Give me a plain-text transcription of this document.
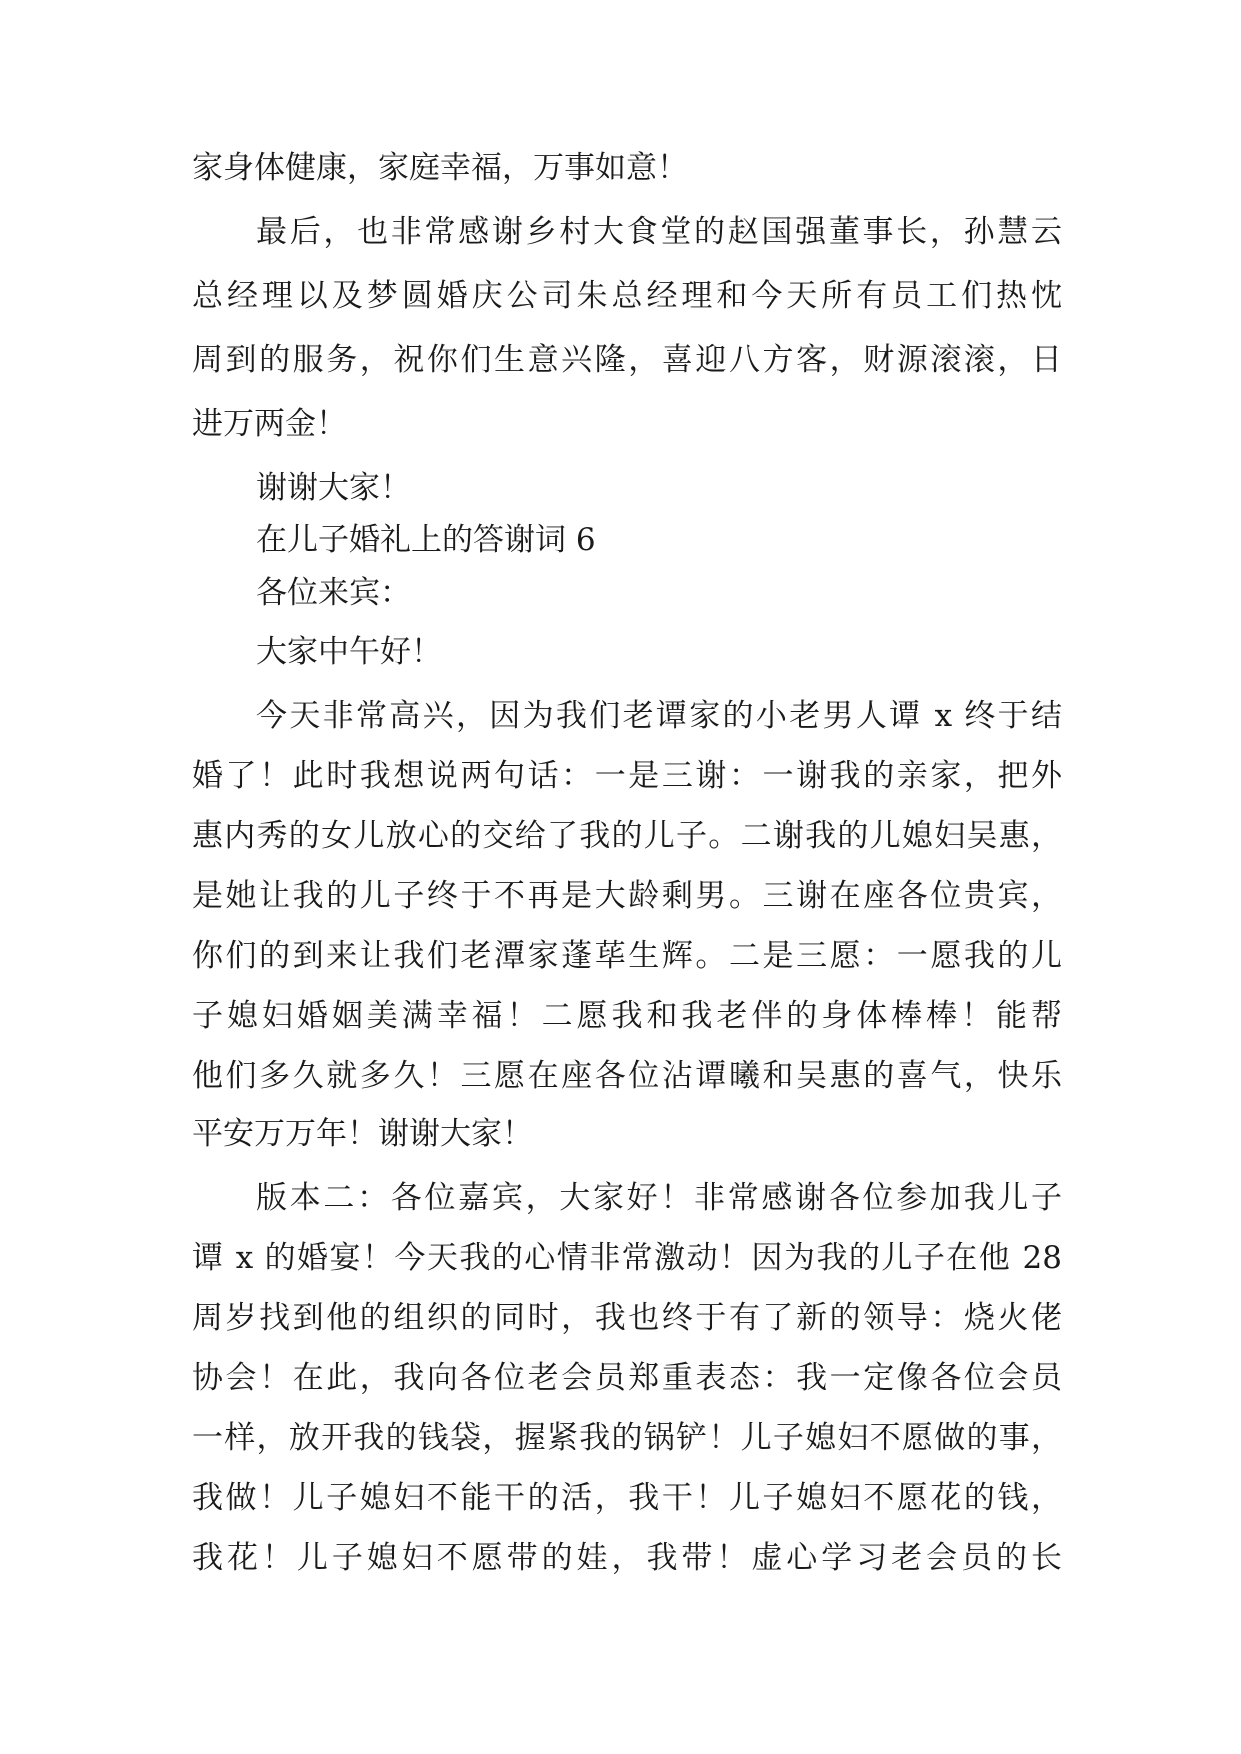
家身体健康，家庭幸福，万事如意！
最后，也非常感谢乡村大食堂的赵国强董事长，孙慧云
总经理以及梦圆婚庆公司朱总经理和今天所有员工们热忱
周到的服务，祝你们生意兴隆，喜迎八方客，财源滚滚，日
进万两金！
谢谢大家！
在儿子婚礼上的答谢词 6
各位来宾：
大家中午好！
今天非常高兴，因为我们老谭家的小老男人谭 x 终于结
婚了！此时我想说两句话：一是三谢：一谢我的亲家，把外
惠内秀的女儿放心的交给了我的儿子。二谢我的儿媳妇吴惠，
是她让我的儿子终于不再是大龄剩男。三谢在座各位贵宾，
你们的到来让我们老潭家蓬荜生辉。二是三愿：一愿我的儿
子媳妇婚姻美满幸福！二愿我和我老伴的身体棒棒！能帮
他们多久就多久！三愿在座各位沾谭曦和吴惠的喜气，快乐
平安万万年！谢谢大家！
版本二：各位嘉宾，大家好！非常感谢各位参加我儿子
谭 x 的婚宴！今天我的心情非常激动！因为我的儿子在他 28
周岁找到他的组织的同时，我也终于有了新的领导：烧火佬
协会！在此，我向各位老会员郑重表态：我一定像各位会员
一样，放开我的钱袋，握紧我的锅铲！儿子媳妇不愿做的事，
我做！儿子媳妇不能干的活，我干！儿子媳妇不愿花的钱，
我花！儿子媳妇不愿带的娃，我带！虚心学习老会员的长
